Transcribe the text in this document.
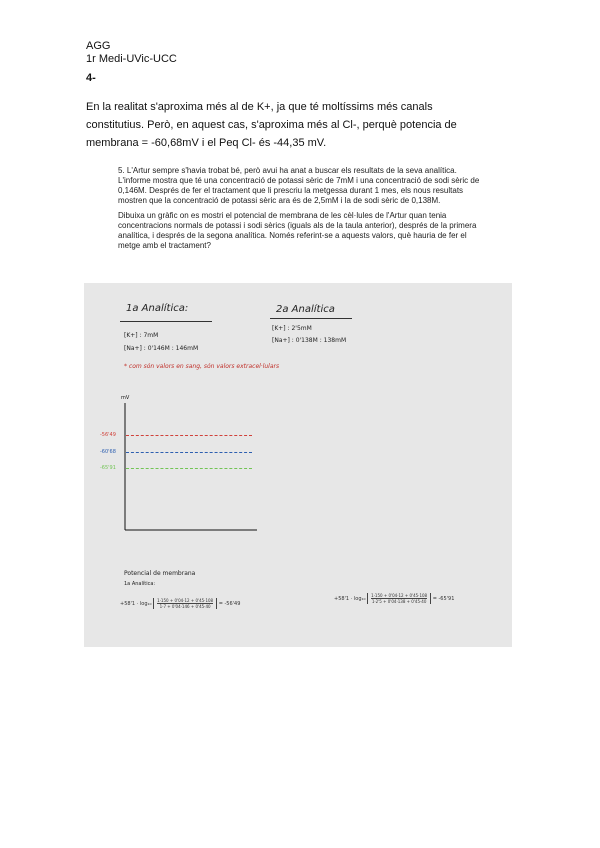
AGG
1r Medi-UVic-UCC
4-
En la realitat s'aproxima més al de K+, ja que té moltíssims més canals constitutius. Però, en aquest cas, s'aproxima més al Cl-, perquè potencia de membrana = -60,68mV i el Peq Cl- és -44,35 mV.

5. L'Artur sempre s'havia trobat bé, però avui ha anat a buscar els resultats de la seva analítica. L'informe mostra que té una concentració de potassi sèric de 7mM i una concentració de sodi sèric de 0,146M. Després de fer el tractament que li prescriu la metgessa durant 1 mes, els nous resultats mostren que la concentració de potassi sèric ara és de 2,5mM i la de sodi sèric de 0,138M.

Dibuixa un gràfic on es mostri el potencial de membrana de les cèl·lules de l'Artur quan tenia concentracions normals de potassi i sodi sèrics (iguals als de la taula anterior), després de la primera analítica, i després de la segona analítica. Només referint-se a aquests valors, què hauria de fer el metge amb el tractament?

1a Analítica:
[K+] : 7mM
[Na+] : 0'146M : 146mM
2a Analítica
[K+] : 2'5mM
[Na+] : 0'138M : 138mM
* com són valors en sang, són valors extracel·lulars
mV
-56'49
-60'68
-65'91
Potencial de membrana
1a Analítica:
$+58'1 \cdot \log_{10} \frac{1\cdot 150 + 0'04\cdot 12 + 0'45\cdot 108}{1\cdot 7 + 0'04\cdot 146 + 0'45\cdot 40} = -56'49$
$+58'1 \cdot \log_{10} \frac{1\cdot 150 + 0'04\cdot 12 + 0'45\cdot 108}{1\cdot 2'5 + 0'04\cdot 138 + 0'45\cdot 40} = -65'91$
